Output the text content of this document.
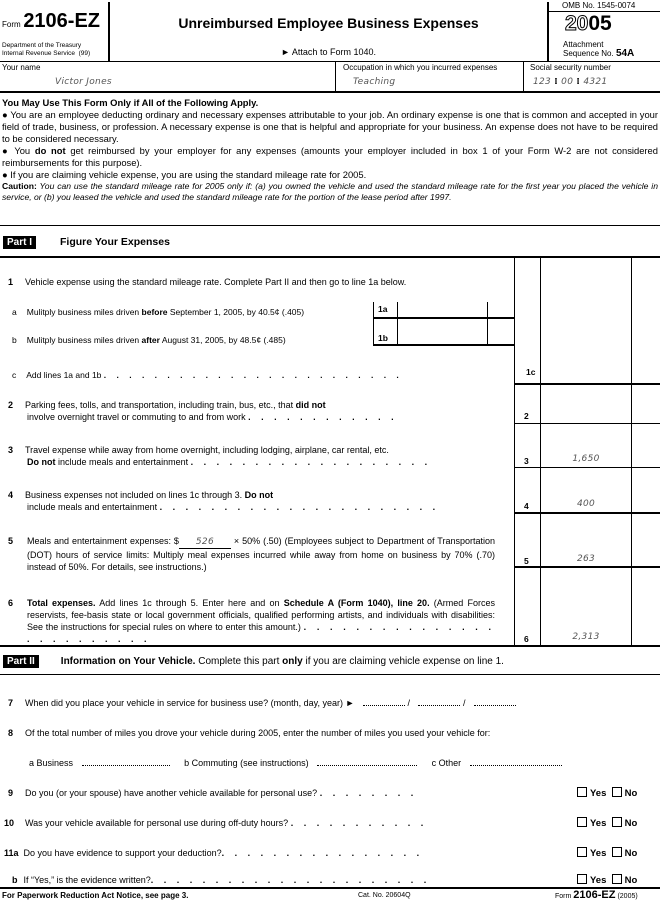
Form 2106-EZ
Department of the Treasury
Internal Revenue Service (99)
Unreimbursed Employee Business Expenses
► Attach to Form 1040.
OMB No. 1545-0074
2005
Attachment
Sequence No. 54A
Your name
Victor Jones
Occupation in which you incurred expenses
Teaching
Social security number
123 ⁞ 00 ⁞ 4321

You May Use This Form Only if All of the Following Apply.

● You are an employee deducting ordinary and necessary expenses attributable to your job. An ordinary expense is one that is common and accepted in your field of trade, business, or profession. A necessary expense is one that is helpful and appropriate for your business. An expense does not have to be required to be considered necessary.

● You do not get reimbursed by your employer for any expenses (amounts your employer included in box 1 of your Form W-2 are not considered reimbursements for this purpose).

● If you are claiming vehicle expense, you are using the standard mileage rate for 2005.

Caution: You can use the standard mileage rate for 2005 only if: (a) you owned the vehicle and used the standard mileage rate for the first year you placed the vehicle in service, or (b) you leased the vehicle and used the standard mileage rate for the portion of the lease period after 1997.

Part I	Figure Your Expenses
1 Vehicle expense using the standard mileage rate. Complete Part II and then go to line 1a below.
a Mulitply business miles driven before September 1, 2005, by 40.5¢ (.405)
b Mulitply business miles driven after August 31, 2005, by 48.5¢ (.485)
1a
1b
c Add lines 1a and 1b . . . . . . . . . . . . . . . . . . . . . . . .	1c

2 Parking fees, tolls, and transportation, including train, bus, etc., that did not

involve overnight travel or commuting to and from work . . . . . . . . . . . .	2

3 Travel expense while away from home overnight, including lodging, airplane, car rental, etc.

Do not include meals and entertainment . . . . . . . . . . . . . . . . . . .	3	1,650

4 Business expenses not included on lines 1c through 3. Do not

include meals and entertainment . . . . . . . . . . . . . . . . . . . . . .	4	400

5 Meals and entertainment expenses: $ 526 × 50% (.50) (Employees subject to Department of Transportation (DOT) hours of service limits: Multiply meal expenses incurred while away from home on business by 70% (.70) instead of 50%. For details, see instructions.)

5	263

6 Total expenses. Add lines 1c through 5. Enter here and on Schedule A (Form 1040), line 20. (Armed Forces reservists, fee-basis state or local government officials, qualified performing artists, and individuals with disabilities: See the instructions for special rules on where to enter this amount.) . . . . . . . . . . . . . . . . . . . . . . . . .	6	2,313
Part II	Information on Your Vehicle. Complete this part only if you are claiming vehicle expense on line 1.
7 When did you place your vehicle in service for business use? (month, day, year) ►	/	/
8 Of the total number of miles you drove your vehicle during 2005, enter the number of miles you used your vehicle for:
a Business	b Commuting (see instructions)	c Other
9 Do you (or your spouse) have another vehicle available for personal use? . . . . . . . .	Yes No
10 Was your vehicle available for personal use during off-duty hours? . . . . . . . . . . .	Yes No
11a Do you have evidence to support your deduction?. . . . . . . . . . . . . . . .	Yes No
b If “Yes,” is the evidence written?. . . . . . . . . . . . . . . . . . . . . .	Yes No
For Paperwork Reduction Act Notice, see page 3.	Cat. No. 20604Q	Form 2106-EZ (2005)
